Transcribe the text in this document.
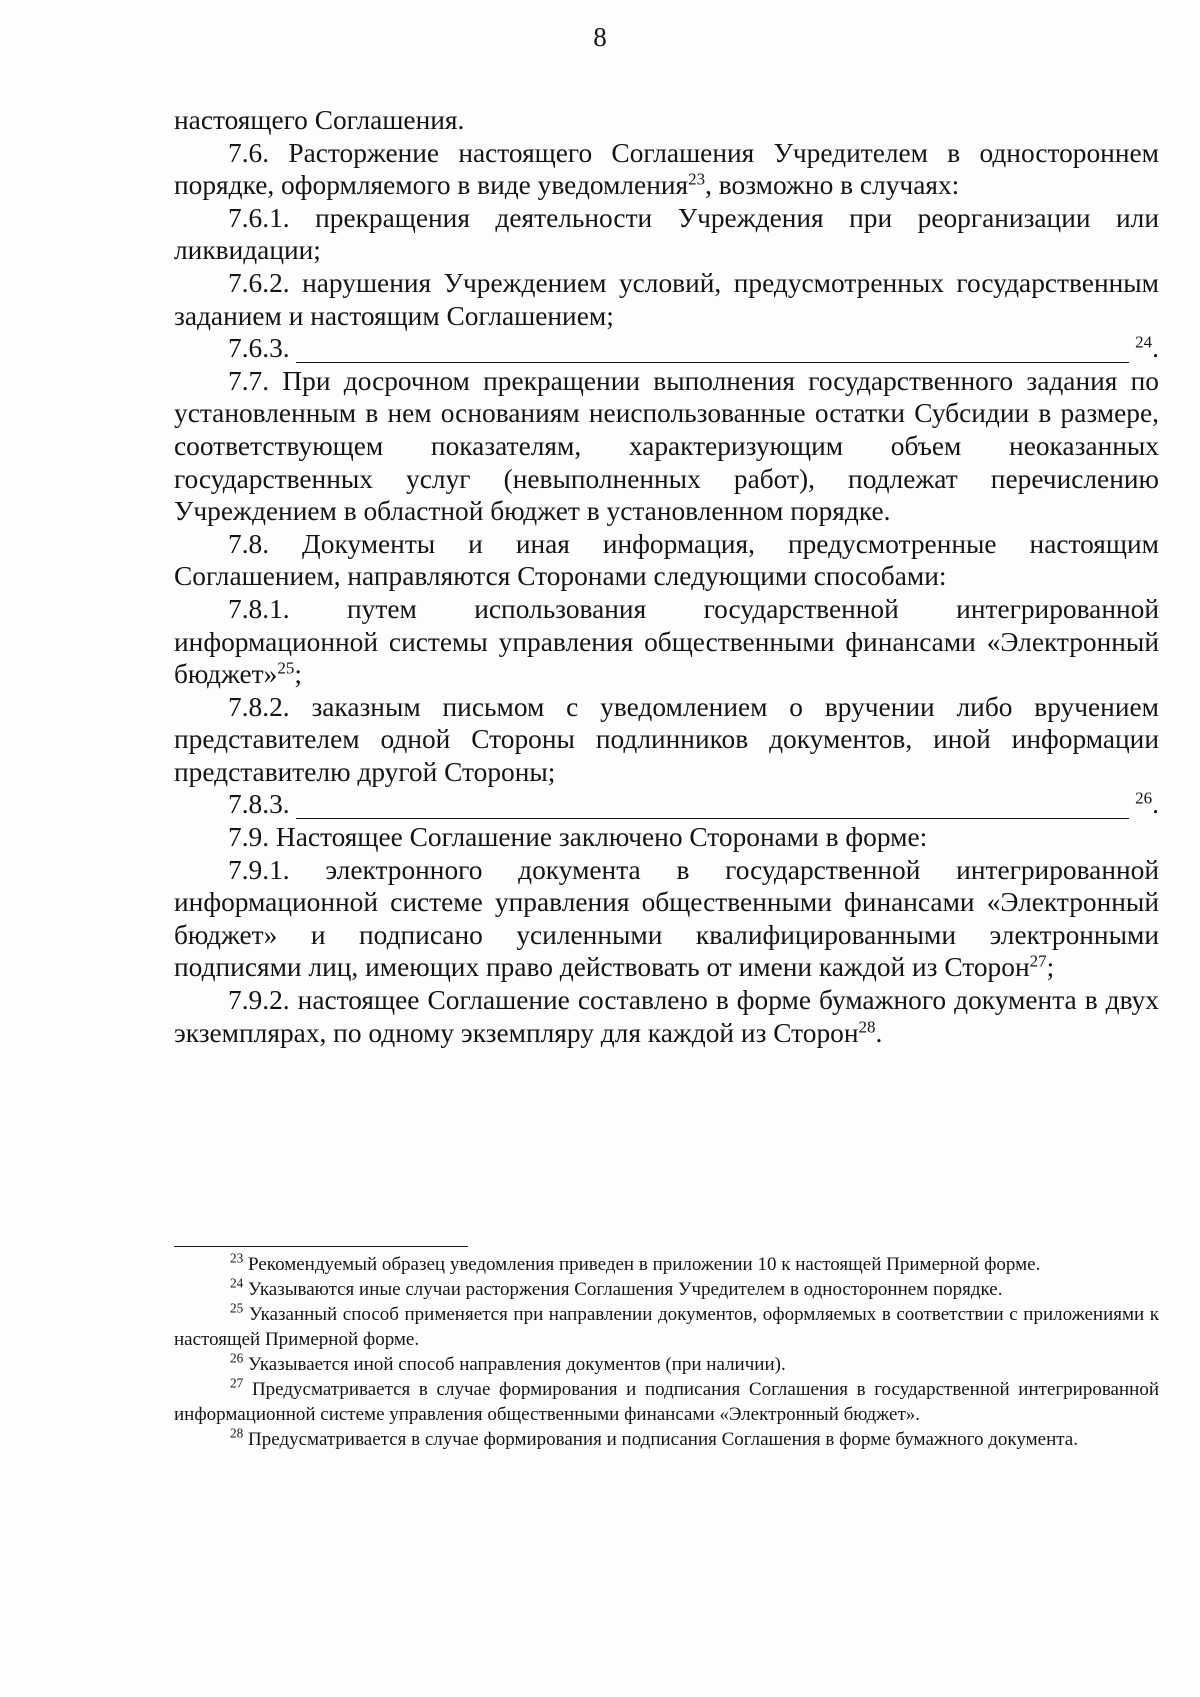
8

настоящего Соглашения.

7.6. Расторжение настоящего Соглашения Учредителем в одностороннем порядке, оформляемого в виде уведомления$^{23}$, возможно в случаях:

7.6.1. прекращения деятельности Учреждения при реорганизации или ликвидации;

7.6.2. нарушения Учреждением условий, предусмотренных государственным заданием и настоящим Соглашением;

7.6.3.	$^{24}$.

7.7. При досрочном прекращении выполнения государственного задания по установленным в нем основаниям неиспользованные остатки Субсидии в размере, соответствующем показателям, характеризующим объем неоказанных государственных услуг (невыполненных работ), подлежат перечислению Учреждением в областной бюджет в установленном порядке.

7.8. Документы и иная информация, предусмотренные настоящим Соглашением, направляются Сторонами следующими способами:

7.8.1. путем использования государственной интегрированной информационной системы управления общественными финансами «Электронный бюджет»$^{25}$;

7.8.2. заказным письмом с уведомлением о вручении либо вручением представителем одной Стороны подлинников документов, иной информации представителю другой Стороны;

7.8.3.	$^{26}$.

7.9. Настоящее Соглашение заключено Сторонами в форме:

7.9.1. электронного документа в государственной интегрированной информационной системе управления общественными финансами «Электронный бюджет» и подписано усиленными квалифицированными электронными подписями лиц, имеющих право действовать от имени каждой из Сторон$^{27}$;

7.9.2. настоящее Соглашение составлено в форме бумажного документа в двух экземплярах, по одному экземпляру для каждой из Сторон$^{28}$.

$^{23}$ Рекомендуемый образец уведомления приведен в приложении 10 к настоящей Примерной форме.

$^{24}$ Указываются иные случаи расторжения Соглашения Учредителем в одностороннем порядке.

$^{25}$ Указанный способ применяется при направлении документов, оформляемых в соответствии с приложениями к настоящей Примерной форме.

$^{26}$ Указывается иной способ направления документов (при наличии).

$^{27}$ Предусматривается в случае формирования и подписания Соглашения в государственной интегрированной информационной системе управления общественными финансами «Электронный бюджет».

$^{28}$ Предусматривается в случае формирования и подписания Соглашения в форме бумажного документа.
